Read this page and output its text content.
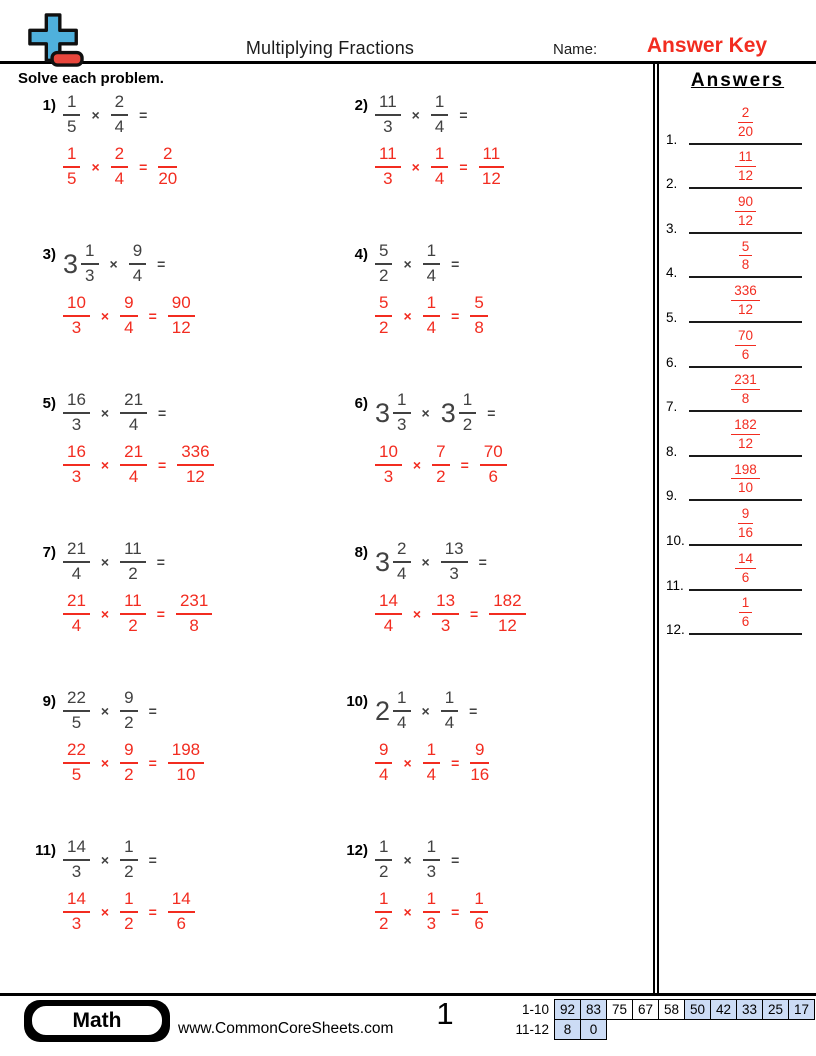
Multiplying Fractions	Name:	Answer Key
Solve each problem.
$1) \frac{1}{5} \times \frac{2}{4}$ =
$\frac{1}{5} \times \frac{2}{4} = \frac{2}{20}$
$2) \frac{11}{3} \times \frac{1}{4}$ =
$\frac{11}{3} \times \frac{1}{4} = \frac{11}{12}$
3) $3 \frac{1}{3} \times \frac{9}{4}$ =
$\frac{10}{3} \times \frac{9}{4} = \frac{90}{12}$
$4) \frac{5}{2} \times \frac{1}{4}$ =
$\frac{5}{2} \times \frac{1}{4} = \frac{5}{8}$
$5) \frac{16}{3} \times \frac{21}{4}$ =
$\frac{16}{3} \times \frac{21}{4} = \frac{336}{12}$
6) $3 \frac{1}{3} \times 3 \frac{1}{2}$ =
$\frac{10}{3} \times \frac{7}{2} = \frac{70}{6}$
$7) \frac{21}{4} \times \frac{11}{2}$ =
$\frac{21}{4} \times \frac{11}{2} = \frac{231}{8}$
8) $3 \frac{2}{4} \times \frac{13}{3}$ =
$\frac{14}{4} \times \frac{13}{3} = \frac{182}{12}$
$9) \frac{22}{5} \times \frac{9}{2}$ =
$\frac{22}{5} \times \frac{9}{2} = \frac{198}{10}$
10) $2 \frac{1}{4} \times \frac{1}{4}$ =
$\frac{9}{4} \times \frac{1}{4} = \frac{9}{16}$
$11) \frac{14}{3} \times \frac{1}{2}$ =
$\frac{14}{3} \times \frac{1}{2} = \frac{14}{6}$
$12) \frac{1}{2} \times \frac{1}{3}$ =
$\frac{1}{2} \times \frac{1}{3} = \frac{1}{6}$
Answers
1.	$\frac{2}{20}$
2.	$\frac{11}{12}$
3.	$\frac{90}{12}$
4.	$\frac{5}{8}$
5.	$\frac{336}{12}$
6.	$\frac{70}{6}$
7.	$\frac{231}{8}$
8.	$\frac{182}{12}$
9.	$\frac{198}{10}$
10.	$\frac{9}{16}$
11.	$\frac{14}{6}$
12.	$\frac{1}{6}$
Math	www.CommonCoreSheets.com	1	1-10	92	83	75	67	58	50	42	33	25	17
11-12	8	0								
